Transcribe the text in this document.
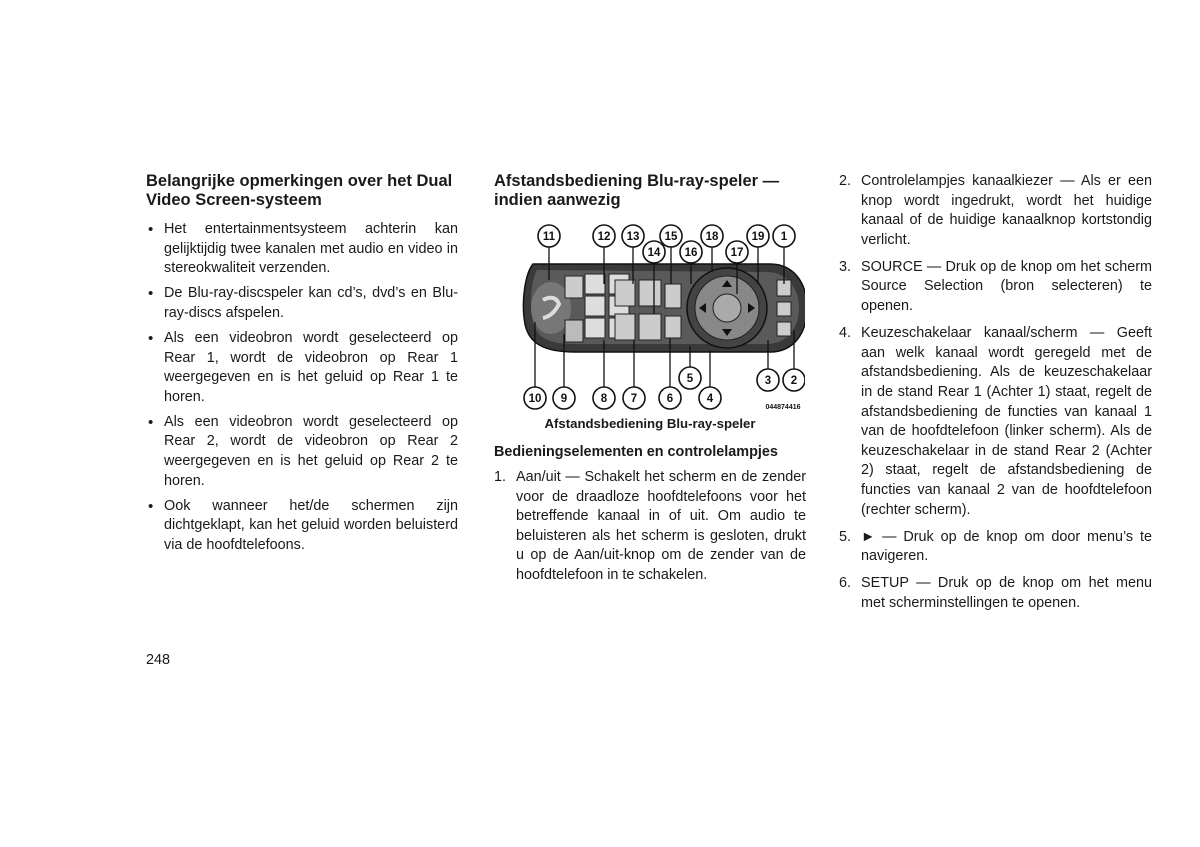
Belangrijke opmerkingen over het Dual Video Screen-systeem
• Het entertainmentsysteem achterin kan gelijktijdig twee kanalen met audio en video in stereokwaliteit verzenden.
• De Blu-ray-discspeler kan cd’s, dvd’s en Blu-ray-discs afspelen.
• Als een videobron wordt geselecteerd op Rear 1, wordt de videobron op Rear 1 weergegeven en is het geluid op Rear 1 te horen.
• Als een videobron wordt geselecteerd op Rear 2, wordt de videobron op Rear 2 weergegeven en is het geluid op Rear 2 te horen.
• Ook wanneer het/de schermen zijn dichtgeklapt, kan het geluid worden beluisterd via de hoofdtelefoons.
Afstandsbediening Blu-ray-speler — indien aanwezig
11	12 13 15
14 16
18
17
19 1
10 9	8 7	6
5
4
3 2
044874416
Afstandsbediening Blu-ray-speler
Bedieningselementen en controlelampjes
1. Aan/uit — Schakelt het scherm en de zender voor de draadloze hoofdtelefoons voor het betreffende kanaal in of uit. Om audio te beluisteren als het scherm is gesloten, drukt u op de Aan/uit-knop om de zender van de hoofdtelefoon in te schakelen.
2. Controlelampjes kanaalkiezer — Als er een knop wordt ingedrukt, wordt het huidige kanaal of de huidige kanaalknop kortstondig verlicht.
3. SOURCE — Druk op de knop om het scherm Source Selection (bron selecteren) te openen.
4. Keuzeschakelaar kanaal/scherm — Geeft aan welk kanaal wordt geregeld met de afstandsbediening. Als de keuzeschakelaar in de stand Rear 1 (Achter 1) staat, regelt de afstandsbediening de functies van kanaal 1 van de hoofdtelefoon (linker scherm). Als de keuzeschakelaar in de stand Rear 2 (Achter 2) staat, regelt de afstandsbediening de functies van kanaal 2 van de hoofdtelefoon (rechter scherm).
5. ► — Druk op de knop om door menu’s te navigeren.
6. SETUP — Druk op de knop om het menu met scherminstellingen te openen.
248
